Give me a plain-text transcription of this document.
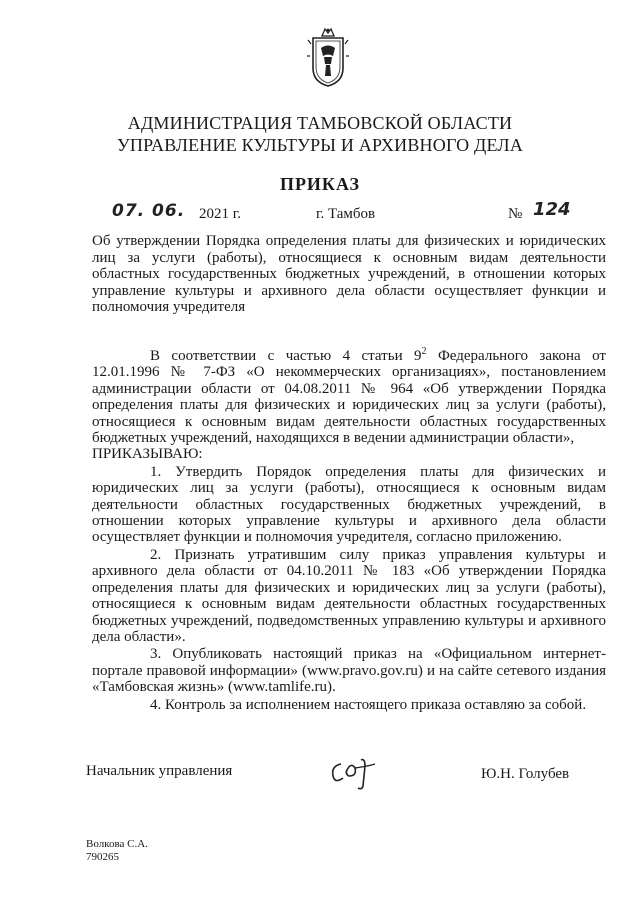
АДМИНИСТРАЦИЯ ТАМБОВСКОЙ ОБЛАСТИ
УПРАВЛЕНИЕ КУЛЬТУРЫ И АРХИВНОГО ДЕЛА
ПРИКАЗ
07. 06. 2021 г.	г. Тамбов	№ 124
Об утверждении Порядка определения платы для физических и юридических лиц за услуги (работы), относящиеся к основным видам деятельности областных государственных бюджетных учреждений, в отношении которых управление культуры и архивного дела области осуществляет функции и полномочия учредителя

В соответствии с частью 4 статьи $9^2$ Федерального закона от 12.01.1996 № 7-ФЗ «О некоммерческих организациях», постановлением администрации области от 04.08.2011 № 964 «Об утверждении Порядка определения платы для физических и юридических лиц за услуги (работы), относящиеся к основным видам деятельности областных государственных бюджетных учреждений, находящихся в ведении администрации области»,

ПРИКАЗЫВАЮ:

1. Утвердить Порядок определения платы для физических и юридических лиц за услуги (работы), относящиеся к основным видам деятельности областных государственных бюджетных учреждений, в отношении которых управление культуры и архивного дела области осуществляет функции и полномочия учредителя, согласно приложению.

2. Признать утратившим силу приказ управления культуры и архивного дела области от 04.10.2011 № 183 «Об утверждении Порядка определения платы для физических и юридических лиц за услуги (работы), относящиеся к основным видам деятельности областных государственных бюджетных учреждений, подведомственных управлению культуры и архивного дела области».

3. Опубликовать настоящий приказ на «Официальном интернет-портале правовой информации» (www.pravo.gov.ru) и на сайте сетевого издания «Тамбовская жизнь» (www.tamlife.ru).

4. Контроль за исполнением настоящего приказа оставляю за собой.

Начальник управления	Ю.Н. Голубев
Волкова С.А.
790265
